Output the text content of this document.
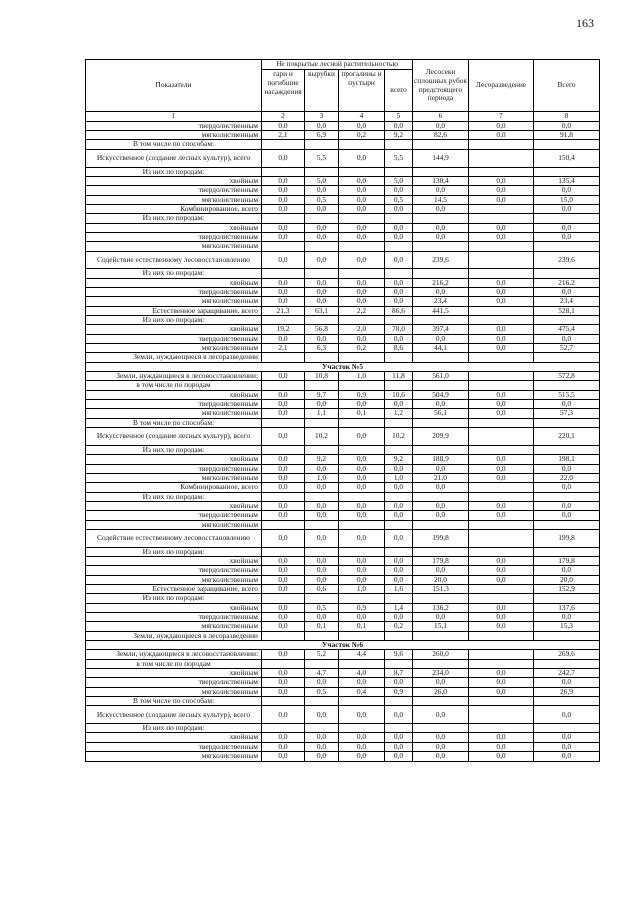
163
Показатели	Не покрытые лесной растительностью				Лесосеки сплошных рубок предстоящего периода	Лесоразведение	Всего
	гари и погибшие насаждения	вырубки	прогалины и пустыри	всего			
1	2	3	4	5	6	7	8
твердолиственным	0,0	0,0	0,0	0,0	0,0	0,0	0,0
мягколиственным	2,1	6,9	0,2	9,2	82,6	0,0	91,8
В том числе по способам:							
Искусственное (создание лесных культур), всего	0,0	5,5	0,0	5,5	144,9		150,4
Из них по породам:							
хвойным	0,0	5,0	0,0	5,0	130,4	0,0	135,4
твердолиственным	0,0	0,0	0,0	0,0	0,0	0,0	0,0
мягколиственным	0,0	0,5	0,0	0,5	14,5	0,0	15,0
Комбинированное, всего	0,0	0,0	0,0	0,0	0,0		0,0
Из них по породам:							
хвойным	0,0	0,0	0,0	0,0	0,0	0,0	0,0
твердолиственным	0,0	0,0	0,0	0,0	0,0	0,0	0,0
мягколиственным							
Содействие естественному лесовосстановлению	0,0	0,0	0,0	0,0	239,6		239,6
Из них по породам:							
хвойным	0,0	0,0	0,0	0,0	216,2	0,0	216,2
твердолиственным	0,0	0,0	0,0	0,0	0,0	0,0	0,0
мягколиственным	0,0	0,0	0,0	0,0	23,4	0,0	23,4
Естественное заращивание, всего	21,3	63,1	2,2	86,6	441,5		528,1
Из них по породам:							
хвойным	19,2	56,8	2,0	78,0	397,4	0,0	475,4
твердолиственным	0,0	0,0	0,0	0,0	0,0	0,0	0,0
мягколиственным	2,1	6,3	0,2	8,6	44,1	0,0	52,7
Земли, нуждающиеся в лесоразведении							
Участок №5							
Земли, нуждающиеся в лесовосстановлении:	0,0	10,8	1,0	11,8	561,0		572,8
в том числе по породам							
хвойным	0,0	9,7	0,9	10,6	504,9	0,0	515,5
твердолиственным	0,0	0,0	0,0	0,0	0,0	0,0	0,0
мягколиственным	0,0	1,1	0,1	1,2	56,1	0,0	57,3
В том числе по способам:							
Искусственное (создание лесных культур), всего	0,0	10,2	0,0	10,2	209,9		220,1
Из них по породам:							
хвойным	0,0	9,2	0,0	9,2	188,9	0,0	198,1
твердолиственным	0,0	0,0	0,0	0,0	0,0	0,0	0,0
мягколиственным	0,0	1,0	0,0	1,0	21,0	0,0	22,0
Комбинированное, всего	0,0	0,0	0,0	0,0	0,0		0,0
Из них по породам:							
хвойным	0,0	0,0	0,0	0,0	0,0	0,0	0,0
твердолиственным	0,0	0,0	0,0	0,0	0,0	0,0	0,0
мягколиственным							
Содействие естественному лесовосстановлению	0,0	0,0	0,0	0,0	199,8		199,8
Из них по породам:							
хвойным	0,0	0,0	0,0	0,0	179,8	0,0	179,8
твердолиственным	0,0	0,0	0,0	0,0	0,0	0,0	0,0
мягколиственным	0,0	0,0	0,0	0,0	20,0	0,0	20,0
Естественное заращивание, всего	0,0	0,6	1,0	1,6	151,3		152,9
Из них по породам:							
хвойным	0,0	0,5	0,9	1,4	136,2	0,0	137,6
твердолиственным	0,0	0,0	0,0	0,0	0,0	0,0	0,0
мягколиственным	0,0	0,1	0,1	0,2	15,1	0,0	15,3
Земли, нуждающиеся в лесоразведении							
Участок №6							
Земли, нуждающиеся в лесовосстановлении:	0,0	5,2	4,4	9,6	260,0		269,6
в том числе по породам							
хвойным	0,0	4,7	4,0	8,7	234,0	0,0	242,7
твердолиственным	0,0	0,0	0,0	0,0	0,0	0,0	0,0
мягколиственным	0,0	0,5	0,4	0,9	26,0	0,0	26,9
В том числе по способам:							
Искусственное (создание лесных культур), всего	0,0	0,0	0,0	0,0	0,0		0,0
Из них по породам:							
хвойным	0,0	0,0	0,0	0,0	0,0	0,0	0,0
твердолиственным	0,0	0,0	0,0	0,0	0,0	0,0	0,0
мягколиственным	0,0	0,0	0,0	0,0	0,0	0,0	0,0
